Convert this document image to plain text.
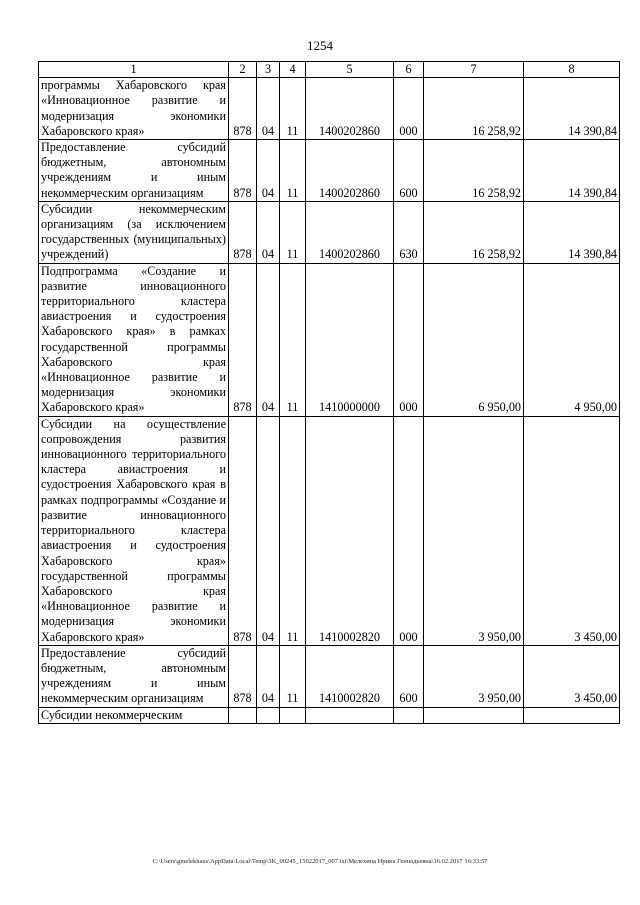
1254
1	2	3	4	5	6	7	8
программы Хабаровского края «Инновационное развитие и модернизация экономики Хабаровского края»	878	04	11	1400202860	000	16 258,92	14 390,84
Предоставление субсидий бюджетным, автономным учреждениям и иным некоммерческим организациям	878	04	11	1400202860	600	16 258,92	14 390,84
Субсидии некоммерческим организациям (за исключением государственных (муниципальных) учреждений)	878	04	11	1400202860	630	16 258,92	14 390,84
Подпрограмма «Создание и развитие инновационного территориального кластера авиастроения и судостроения Хабаровского края» в рамках государственной программы Хабаровского края «Инновационное развитие и модернизация экономики Хабаровского края»	878	04	11	1410000000	000	6 950,00	4 950,00
Субсидии на осуществление сопровождения развития инновационного территориального кластера авиастроения и судостроения Хабаровского края в рамках подпрограммы «Создание и развитие инновационного территориального кластера авиастроения и судостроения Хабаровского края» государственной программы Хабаровского края «Инновационное развитие и модернизация экономики Хабаровского края»	878	04	11	1410002820	000	3 950,00	3 450,00
Предоставление субсидий бюджетным, автономным учреждениям и иным некоммерческим организациям	878	04	11	1410002820	600	3 950,00	3 450,00
Субсидии некоммерческим							
C:\Users\gmelekhaus\AppData\Local\Temp\3K_00245_15022017_007.txt\Мелехина Ирина Геннадьевна\16.02.2017 16:33:57
